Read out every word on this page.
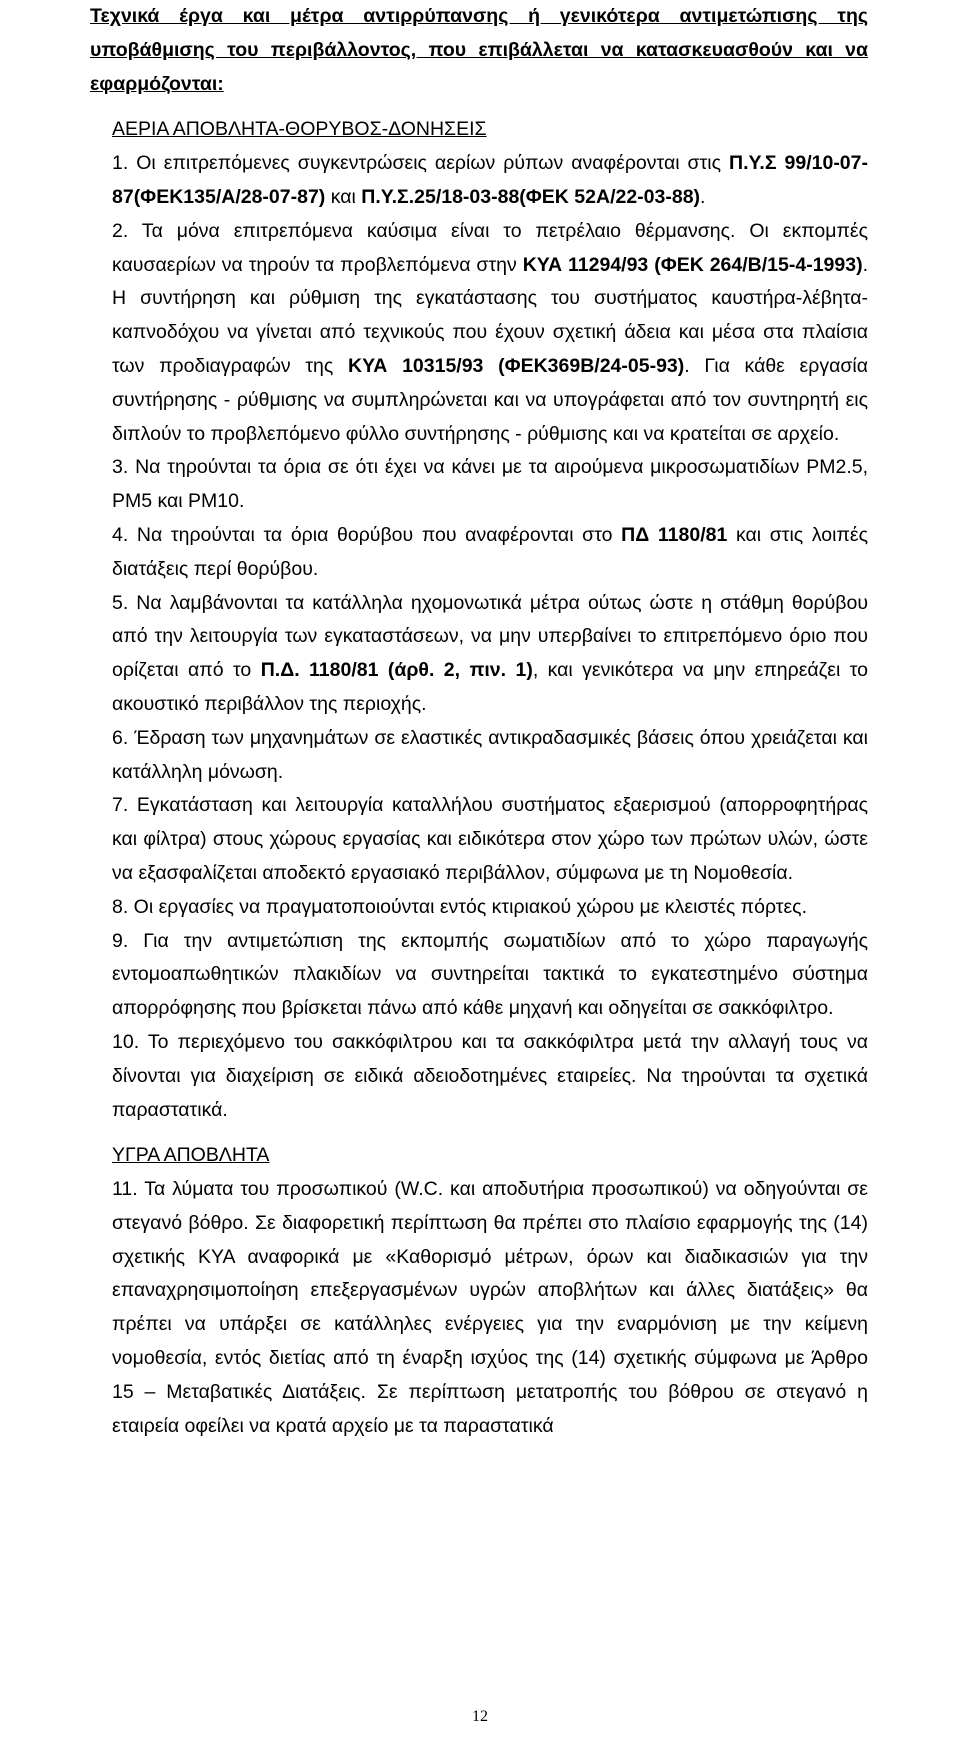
Τεχνικά έργα και μέτρα αντιρρύπανσης ή γενικότερα αντιμετώπισης της υποβάθμισης του περιβάλλοντος, που επιβάλλεται να κατασκευασθούν και να εφαρμόζονται:

ΑΕΡΙΑ ΑΠΟΒΛΗΤΑ-ΘΟΡΥΒΟΣ-ΔΟΝΗΣΕΙΣ

1. Οι επιτρεπόμενες συγκεντρώσεις αερίων ρύπων αναφέρονται στις Π.Υ.Σ 99/10-07-87(ΦΕΚ135/Α/28-07-87) και Π.Υ.Σ.25/18-03-88(ΦΕΚ 52Α/22-03-88).

2. Τα μόνα επιτρεπόμενα καύσιμα είναι το πετρέλαιο θέρμανσης. Οι εκπομπές καυσαερίων να τηρούν τα προβλεπόμενα στην ΚΥΑ 11294/93 (ΦΕΚ 264/Β/15-4-1993). Η συντήρηση και ρύθμιση της εγκατάστασης του συστήματος καυστήρα-λέβητα-καπνοδόχου να γίνεται από τεχνικούς που έχουν σχετική άδεια και μέσα στα πλαίσια των προδιαγραφών της ΚΥΑ 10315/93 (ΦΕΚ369Β/24-05-93). Για κάθε εργασία συντήρησης - ρύθμισης να συμπληρώνεται και να υπογράφεται από τον συντηρητή εις διπλούν το προβλεπόμενο φύλλο συντήρησης - ρύθμισης και να κρατείται σε αρχείο.

3. Να τηρούνται τα όρια σε ότι έχει να κάνει με τα αιρούμενα μικροσωματιδίων PM2.5, PM5 και PM10.

4. Να τηρούνται τα όρια θορύβου που αναφέρονται στο ΠΔ 1180/81 και στις λοιπές διατάξεις περί θορύβου.

5. Να λαμβάνονται τα κατάλληλα ηχομονωτικά μέτρα ούτως ώστε η στάθμη θορύβου από την λειτουργία των εγκαταστάσεων, να μην υπερβαίνει το επιτρεπόμενο όριο που ορίζεται από το Π.Δ. 1180/81 (άρθ. 2, πιν. 1), και γενικότερα να μην επηρεάζει το ακουστικό περιβάλλον της περιοχής.

6. Έδραση των μηχανημάτων σε ελαστικές αντικραδασμικές βάσεις όπου χρειάζεται και κατάλληλη μόνωση.

7. Εγκατάσταση και λειτουργία καταλλήλου συστήματος εξαερισμού (απορροφητήρας και φίλτρα) στους χώρους εργασίας και ειδικότερα στον χώρο των πρώτων υλών, ώστε να εξασφαλίζεται αποδεκτό εργασιακό περιβάλλον, σύμφωνα με τη Νομοθεσία.

8. Οι εργασίες να πραγματοποιούνται εντός κτιριακού χώρου με κλειστές πόρτες.

9. Για την αντιμετώπιση της εκπομπής σωματιδίων από το χώρο παραγωγής εντομοαπωθητικών πλακιδίων να συντηρείται τακτικά το εγκατεστημένο σύστημα απορρόφησης που βρίσκεται πάνω από κάθε μηχανή και οδηγείται σε σακκόφιλτρο.

10. Το περιεχόμενο του σακκόφιλτρου και τα σακκόφιλτρα μετά την αλλαγή τους να δίνονται για διαχείριση σε ειδικά αδειοδοτημένες εταιρείες. Να τηρούνται τα σχετικά παραστατικά.

ΥΓΡΑ ΑΠΟΒΛΗΤΑ

11. Τα λύματα του προσωπικού (W.C. και αποδυτήρια προσωπικού) να οδηγούνται σε στεγανό βόθρο. Σε διαφορετική περίπτωση θα πρέπει στο πλαίσιο εφαρμογής της (14) σχετικής ΚΥΑ αναφορικά με «Καθορισμό μέτρων, όρων και διαδικασιών για την επαναχρησιμοποίηση επεξεργασμένων υγρών αποβλήτων και άλλες διατάξεις» θα πρέπει να υπάρξει σε κατάλληλες ενέργειες για την εναρμόνιση με την κείμενη νομοθεσία, εντός διετίας από τη έναρξη ισχύος της (14) σχετικής σύμφωνα με Άρθρο 15 – Μεταβατικές Διατάξεις. Σε περίπτωση μετατροπής του βόθρου σε στεγανό η εταιρεία οφείλει να κρατά αρχείο με τα παραστατικά

12
